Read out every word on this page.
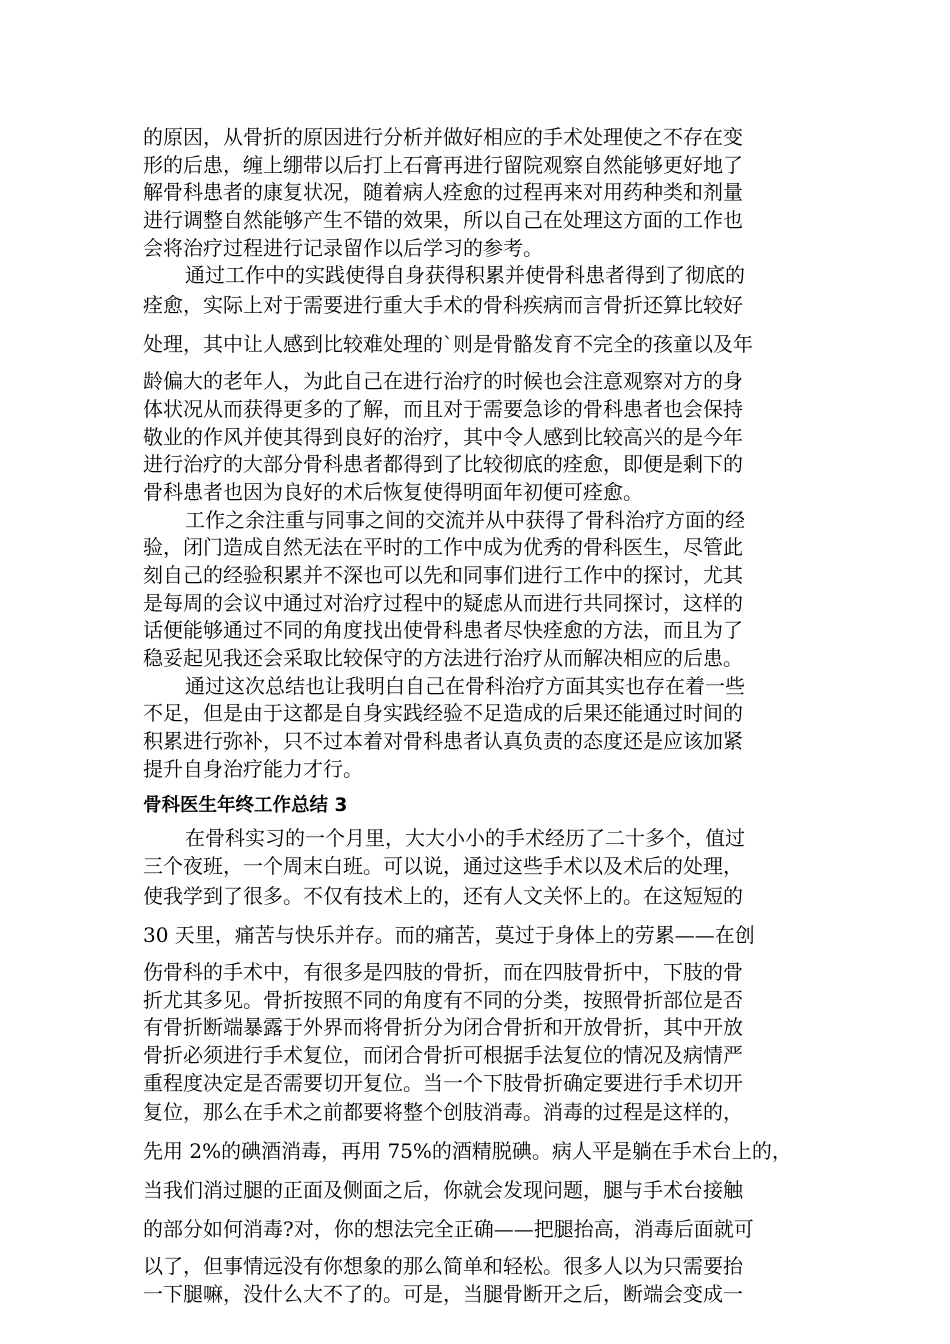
的原因，从骨折的原因进行分析并做好相应的手术处理使之不存在变
形的后患，缠上绷带以后打上石膏再进行留院观察自然能够更好地了
解骨科患者的康复状况，随着病人痊愈的过程再来对用药种类和剂量
进行调整自然能够产生不错的效果，所以自己在处理这方面的工作也
会将治疗过程进行记录留作以后学习的参考。
通过工作中的实践使得自身获得积累并使骨科患者得到了彻底的
痊愈，实际上对于需要进行重大手术的骨科疾病而言骨折还算比较好
处理，其中让人感到比较难处理的`则是骨骼发育不完全的孩童以及年
龄偏大的老年人，为此自己在进行治疗的时候也会注意观察对方的身
体状况从而获得更多的了解，而且对于需要急诊的骨科患者也会保持
敬业的作风并使其得到良好的治疗，其中令人感到比较高兴的是今年
进行治疗的大部分骨科患者都得到了比较彻底的痊愈，即便是剩下的
骨科患者也因为良好的术后恢复使得明面年初便可痊愈。
工作之余注重与同事之间的交流并从中获得了骨科治疗方面的经
验，闭门造成自然无法在平时的工作中成为优秀的骨科医生，尽管此
刻自己的经验积累并不深也可以先和同事们进行工作中的探讨，尤其
是每周的会议中通过对治疗过程中的疑虑从而进行共同探讨，这样的
话便能够通过不同的角度找出使骨科患者尽快痊愈的方法，而且为了
稳妥起见我还会采取比较保守的方法进行治疗从而解决相应的后患。
通过这次总结也让我明白自己在骨科治疗方面其实也存在着一些
不足，但是由于这都是自身实践经验不足造成的后果还能通过时间的
积累进行弥补，只不过本着对骨科患者认真负责的态度还是应该加紧
提升自身治疗能力才行。
骨科医生年终工作总结 3
在骨科实习的一个月里，大大小小的手术经历了二十多个，值过
三个夜班，一个周末白班。可以说，通过这些手术以及术后的处理，
使我学到了很多。不仅有技术上的，还有人文关怀上的。在这短短的
30 天里，痛苦与快乐并存。而的痛苦，莫过于身体上的劳累——在创
伤骨科的手术中，有很多是四肢的骨折，而在四肢骨折中，下肢的骨
折尤其多见。骨折按照不同的角度有不同的分类，按照骨折部位是否
有骨折断端暴露于外界而将骨折分为闭合骨折和开放骨折，其中开放
骨折必须进行手术复位，而闭合骨折可根据手法复位的情况及病情严
重程度决定是否需要切开复位。当一个下肢骨折确定要进行手术切开
复位，那么在手术之前都要将整个创肢消毒。消毒的过程是这样的，
先用 2%的碘酒消毒，再用 75%的酒精脱碘。病人平是躺在手术台上的，
当我们消过腿的正面及侧面之后，你就会发现问题，腿与手术台接触
的部分如何消毒?对，你的想法完全正确——把腿抬高，消毒后面就可
以了，但事情远没有你想象的那么简单和轻松。很多人以为只需要抬
一下腿嘛，没什么大不了的。可是，当腿骨断开之后，断端会变成一
